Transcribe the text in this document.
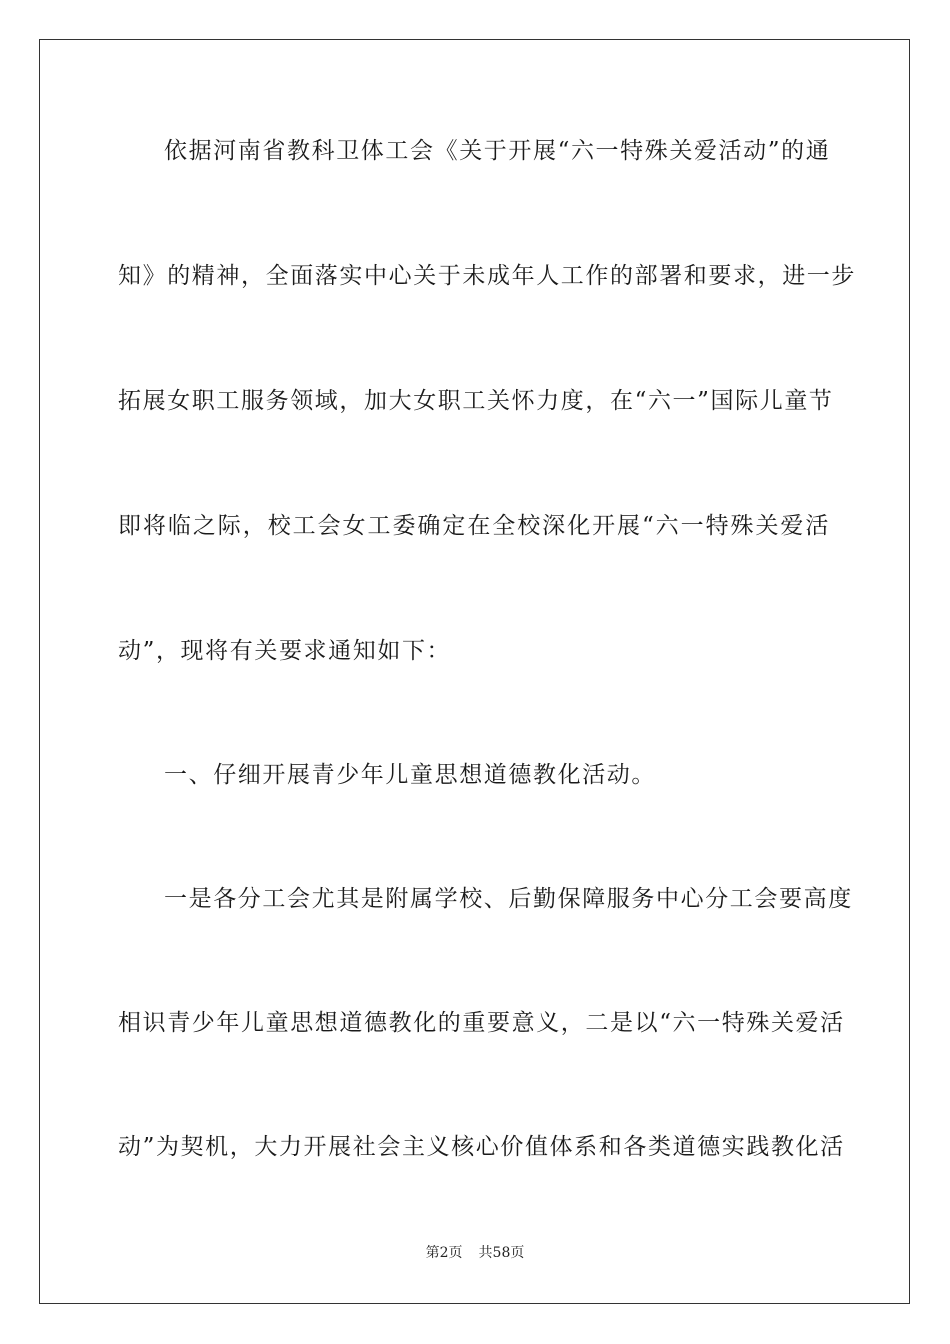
依据河南省教科卫体工会《关于开展“六一特殊关爱活动”的通
知》的精神，全面落实中心关于未成年人工作的部署和要求，进一步
拓展女职工服务领域，加大女职工关怀力度，在“六一”国际儿童节
即将临之际，校工会女工委确定在全校深化开展“六一特殊关爱活
动”，现将有关要求通知如下：
一、仔细开展青少年儿童思想道德教化活动。
一是各分工会尤其是附属学校、后勤保障服务中心分工会要高度
相识青少年儿童思想道德教化的重要意义，二是以“六一特殊关爱活
动”为契机，大力开展社会主义核心价值体系和各类道德实践教化活
第2页 共58页
